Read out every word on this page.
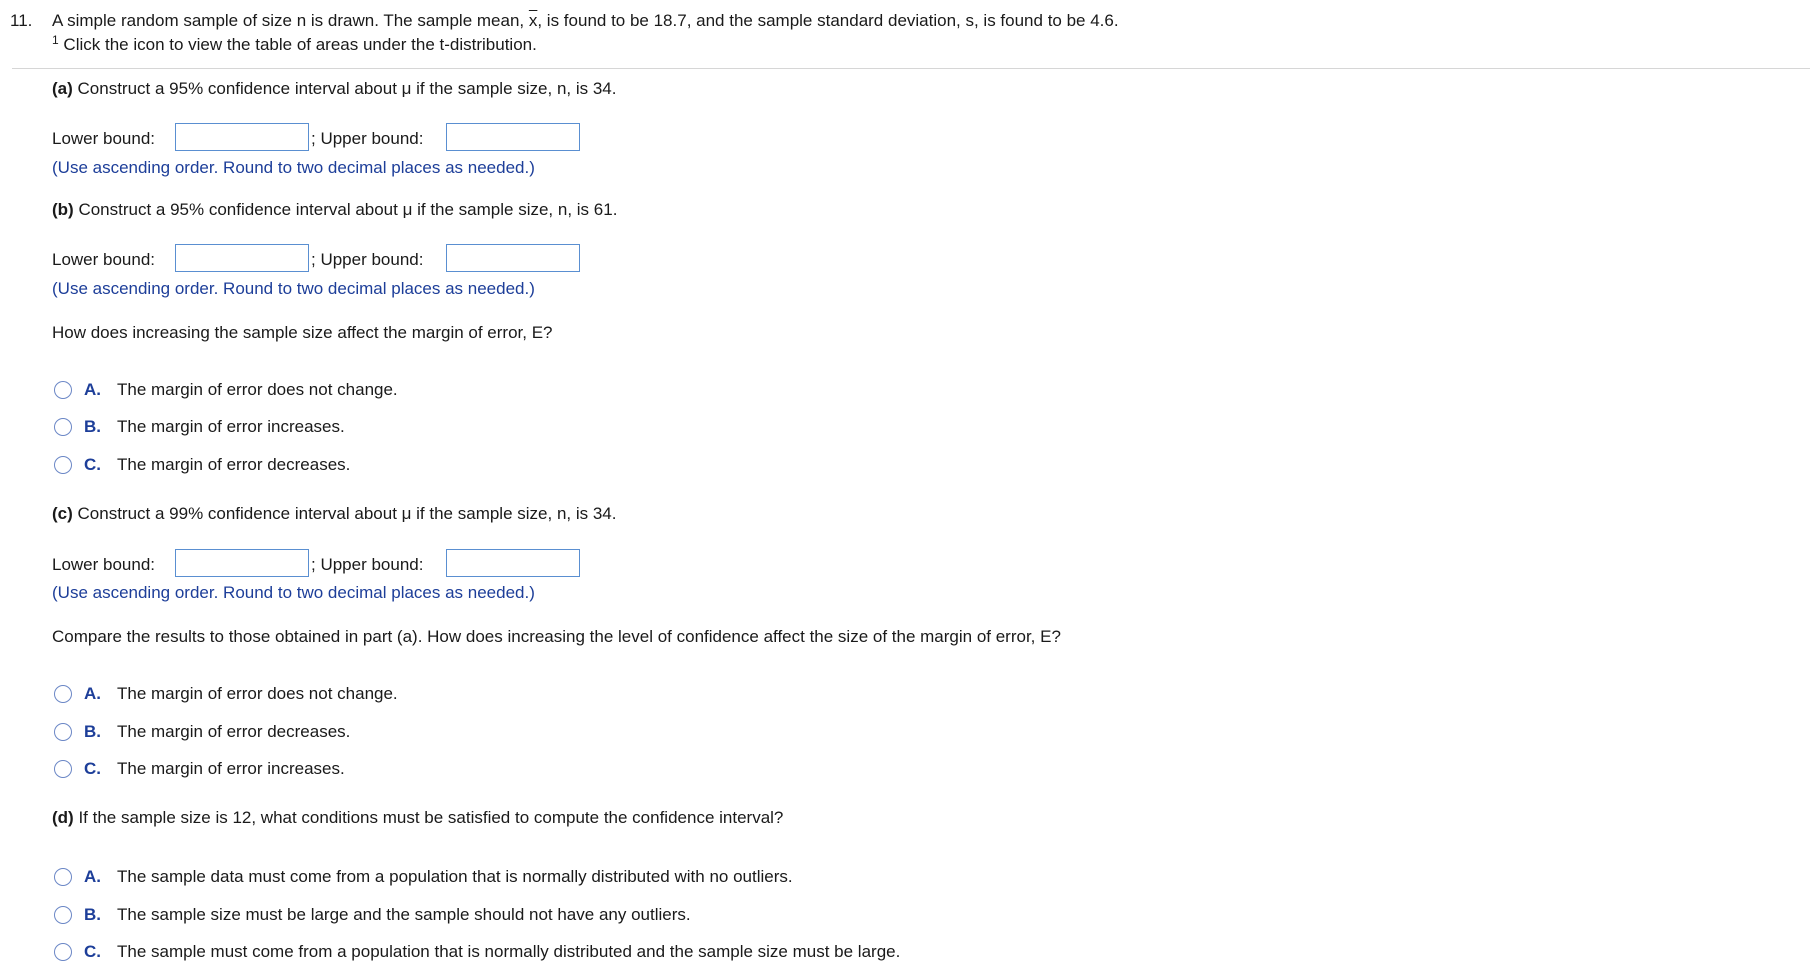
11. A simple random sample of size n is drawn. The sample mean, $\overline{x}$, is found to be 18.7, and the sample standard deviation, s, is found to be 4.6.
$^1$ Click the icon to view the table of areas under the t-distribution.
(a) Construct a 95% confidence interval about μ if the sample size, n, is 34.
Lower bound:	; Upper bound:
(Use ascending order. Round to two decimal places as needed.)
(b) Construct a 95% confidence interval about μ if the sample size, n, is 61.
Lower bound:	; Upper bound:
(Use ascending order. Round to two decimal places as needed.)
How does increasing the sample size affect the margin of error, E?
A. The margin of error does not change.
B. The margin of error increases.
C. The margin of error decreases.
(c) Construct a 99% confidence interval about μ if the sample size, n, is 34.
Lower bound:	; Upper bound:
(Use ascending order. Round to two decimal places as needed.)
Compare the results to those obtained in part (a). How does increasing the level of confidence affect the size of the margin of error, E?
A. The margin of error does not change.
B. The margin of error decreases.
C. The margin of error increases.
(d) If the sample size is 12, what conditions must be satisfied to compute the confidence interval?
A. The sample data must come from a population that is normally distributed with no outliers.
B. The sample size must be large and the sample should not have any outliers.
C. The sample must come from a population that is normally distributed and the sample size must be large.
